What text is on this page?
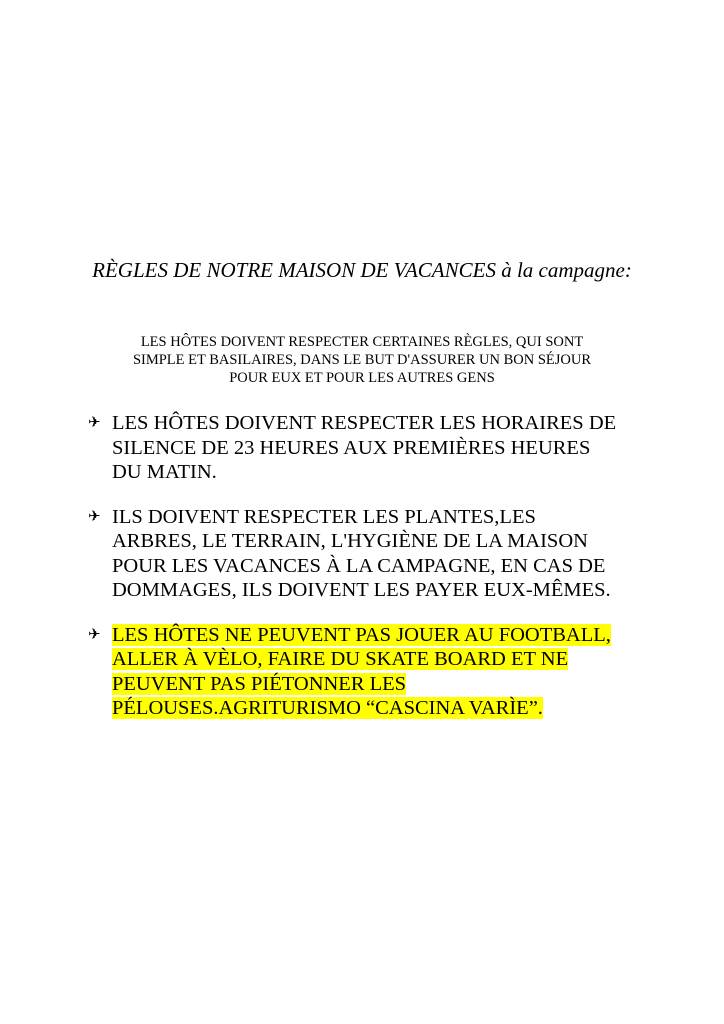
RÈGLES DE NOTRE MAISON DE VACANCES à la campagne:

LES HÔTES DOIVENT RESPECTER CERTAINES RÈGLES, QUI SONT
SIMPLE ET BASILAIRES, DANS LE BUT D'ASSURER UN BON SÉJOUR
POUR EUX ET POUR LES AUTRES GENS

✈ LES HÔTES DOIVENT RESPECTER LES HORAIRES DE
SILENCE DE 23 HEURES AUX PREMIÈRES HEURES
DU MATIN.
✈ ILS DOIVENT RESPECTER LES PLANTES,LES
ARBRES, LE TERRAIN, L'HYGIÈNE DE LA MAISON
POUR LES VACANCES À LA CAMPAGNE, EN CAS DE
DOMMAGES, ILS DOIVENT LES PAYER EUX-MÊMES.
✈ LES HÔTES NE PEUVENT PAS JOUER AU FOOTBALL,
ALLER À VÈLO, FAIRE DU SKATE BOARD ET NE
PEUVENT PAS PIÉTONNER LES
PÉLOUSES.AGRITURISMO “CASCINA VARÌE”.
